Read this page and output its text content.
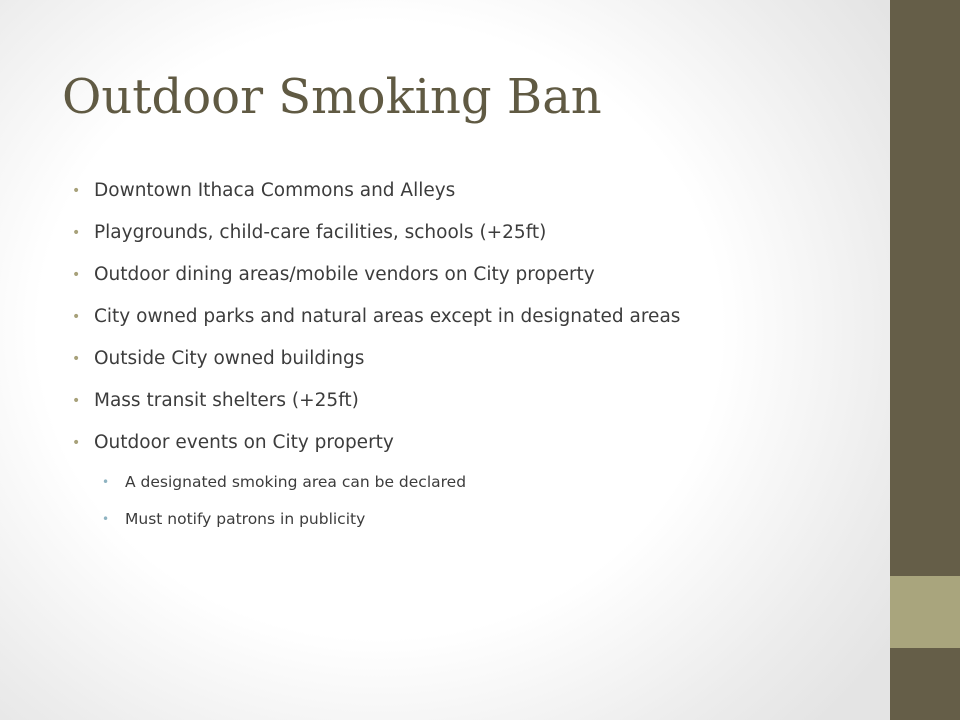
Outdoor Smoking Ban
• Downtown Ithaca Commons and Alleys
• Playgrounds, child-care facilities, schools (+25ft)
• Outdoor dining areas/mobile vendors on City property
• City owned parks and natural areas except in designated areas
• Outside City owned buildings
• Mass transit shelters (+25ft)
• Outdoor events on City property
• A designated smoking area can be declared
• Must notify patrons in publicity
